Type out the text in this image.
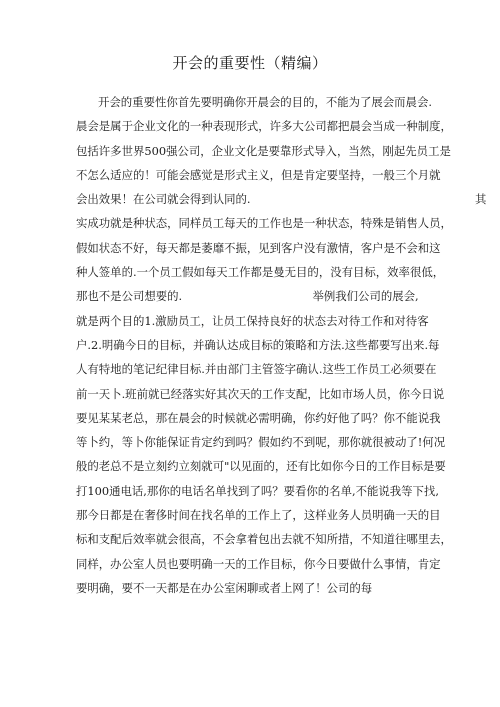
开会的重要性（精编）
开会的重要性你首先要明确你开晨会的目的，不能为了展会而晨会.
晨会是属于企业文化的一种表现形式，许多大公司都把晨会当成一种制度，
包括许多世界500强公司，企业文化是要靠形式导入，当然，刚起先员工是
不怎么适应的！可能会感觉是形式主义，但是肯定要坚持，一般三个月就
会出效果！在公司就会得到认同的.                                                              其
实成功就是种状态，同样员工每天的工作也是一种状态，特殊是销售人员，
假如状态不好，每天都是萎靡不振，见到客户没有激情，客户是不会和这
种人签单的.一个员工假如每天工作都是曼无目的，没有目标，效率很低，
那也不是公司想要的.                                    举例我们公司的展会,
就是两个目的1.激励员工，让员工保持良好的状态去对待工作和对待客
户.2.明确今日的目标，并确认达成目标的策略和方法.这些都要写出来.每
人有特地的笔记纪律目标.并由部门主管签字确认.这些工作员工必须要在
前一天卜.班前就已经落实好其次天的工作支配，比如市场人员，你今日说
要见某某老总，那在晨会的时候就必需明确，你约好他了吗？你不能说我
等卜约，等卜你能保证肯定约到吗？假如约不到呢，那你就很被动了!何况
般的老总不是立刻约立刻就可"以见面的，还有比如你今日的工作目标是要
打100通电话,那你的电话名单找到了吗？要看你的名单,不能说我等下找,
那今日都是在奢侈时间在找名单的工作上了，这样业务人员明确一天的目
标和支配后效率就会很高，不会拿着包出去就不知所措，不知道往哪里去，
同样，办公室人员也要明确一天的工作目标，你今日要做什么事情，肯定
要明确，要不一天都是在办公室闲聊或者上网了！公司的每
